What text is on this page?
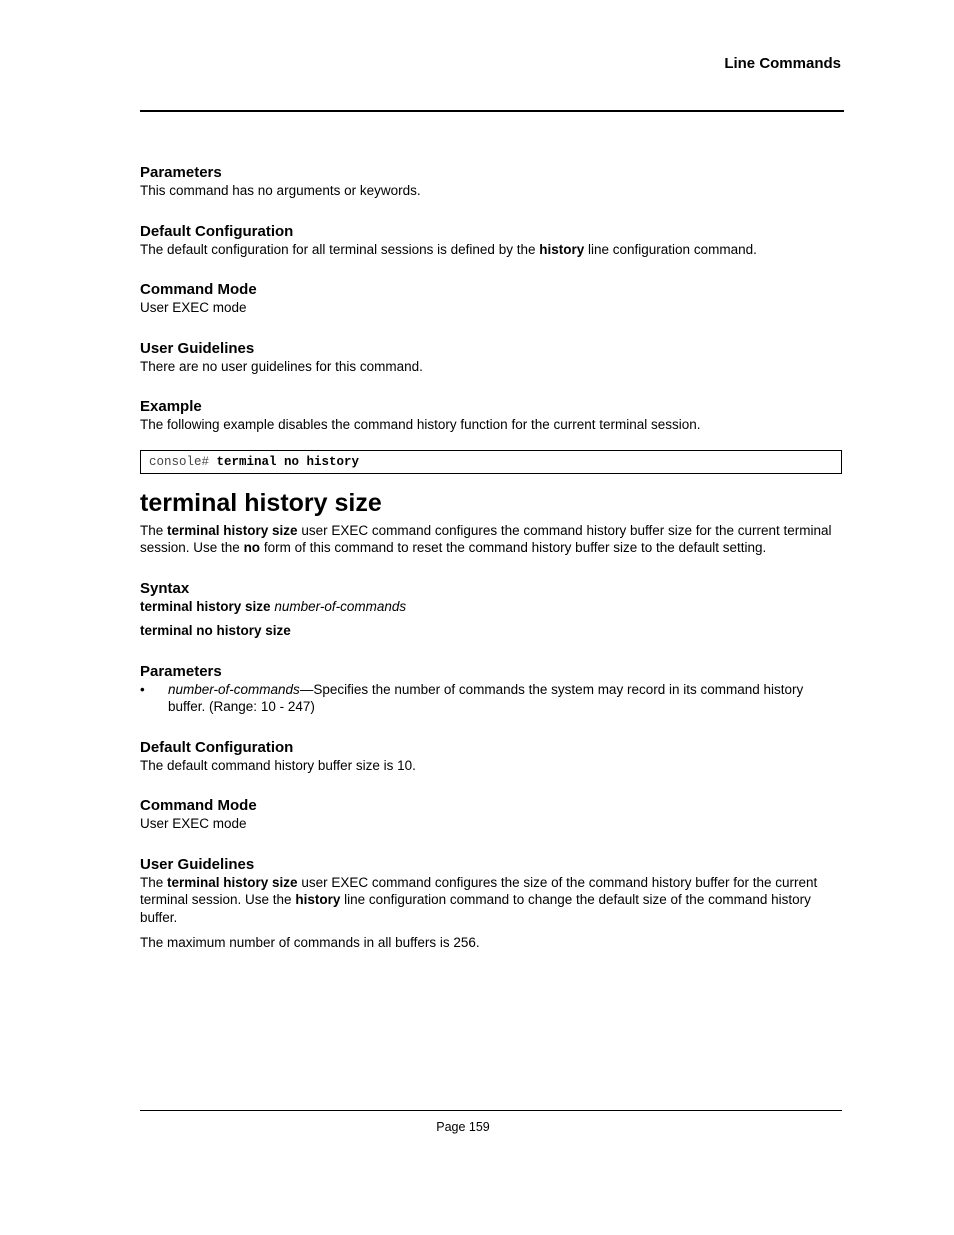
Line Commands
Parameters

This command has no arguments or keywords.

Default Configuration

The default configuration for all terminal sessions is defined by the history line configuration command.

Command Mode

User EXEC mode

User Guidelines

There are no user guidelines for this command.

Example

The following example disables the command history function for the current terminal session.

console# terminal no history
terminal history size

The terminal history size user EXEC command configures the command history buffer size for the current terminal session. Use the no form of this command to reset the command history buffer size to the default setting.

Syntax

terminal history size number-of-commands

terminal no history size

Parameters
•	number-of-commands—Specifies the number of commands the system may record in its command history buffer. (Range: 10 - 247)
Default Configuration

The default command history buffer size is 10.

Command Mode

User EXEC mode

User Guidelines

The terminal history size user EXEC command configures the size of the command history buffer for the current terminal session. Use the history line configuration command to change the default size of the command history buffer.

The maximum number of commands in all buffers is 256.

Page 159
